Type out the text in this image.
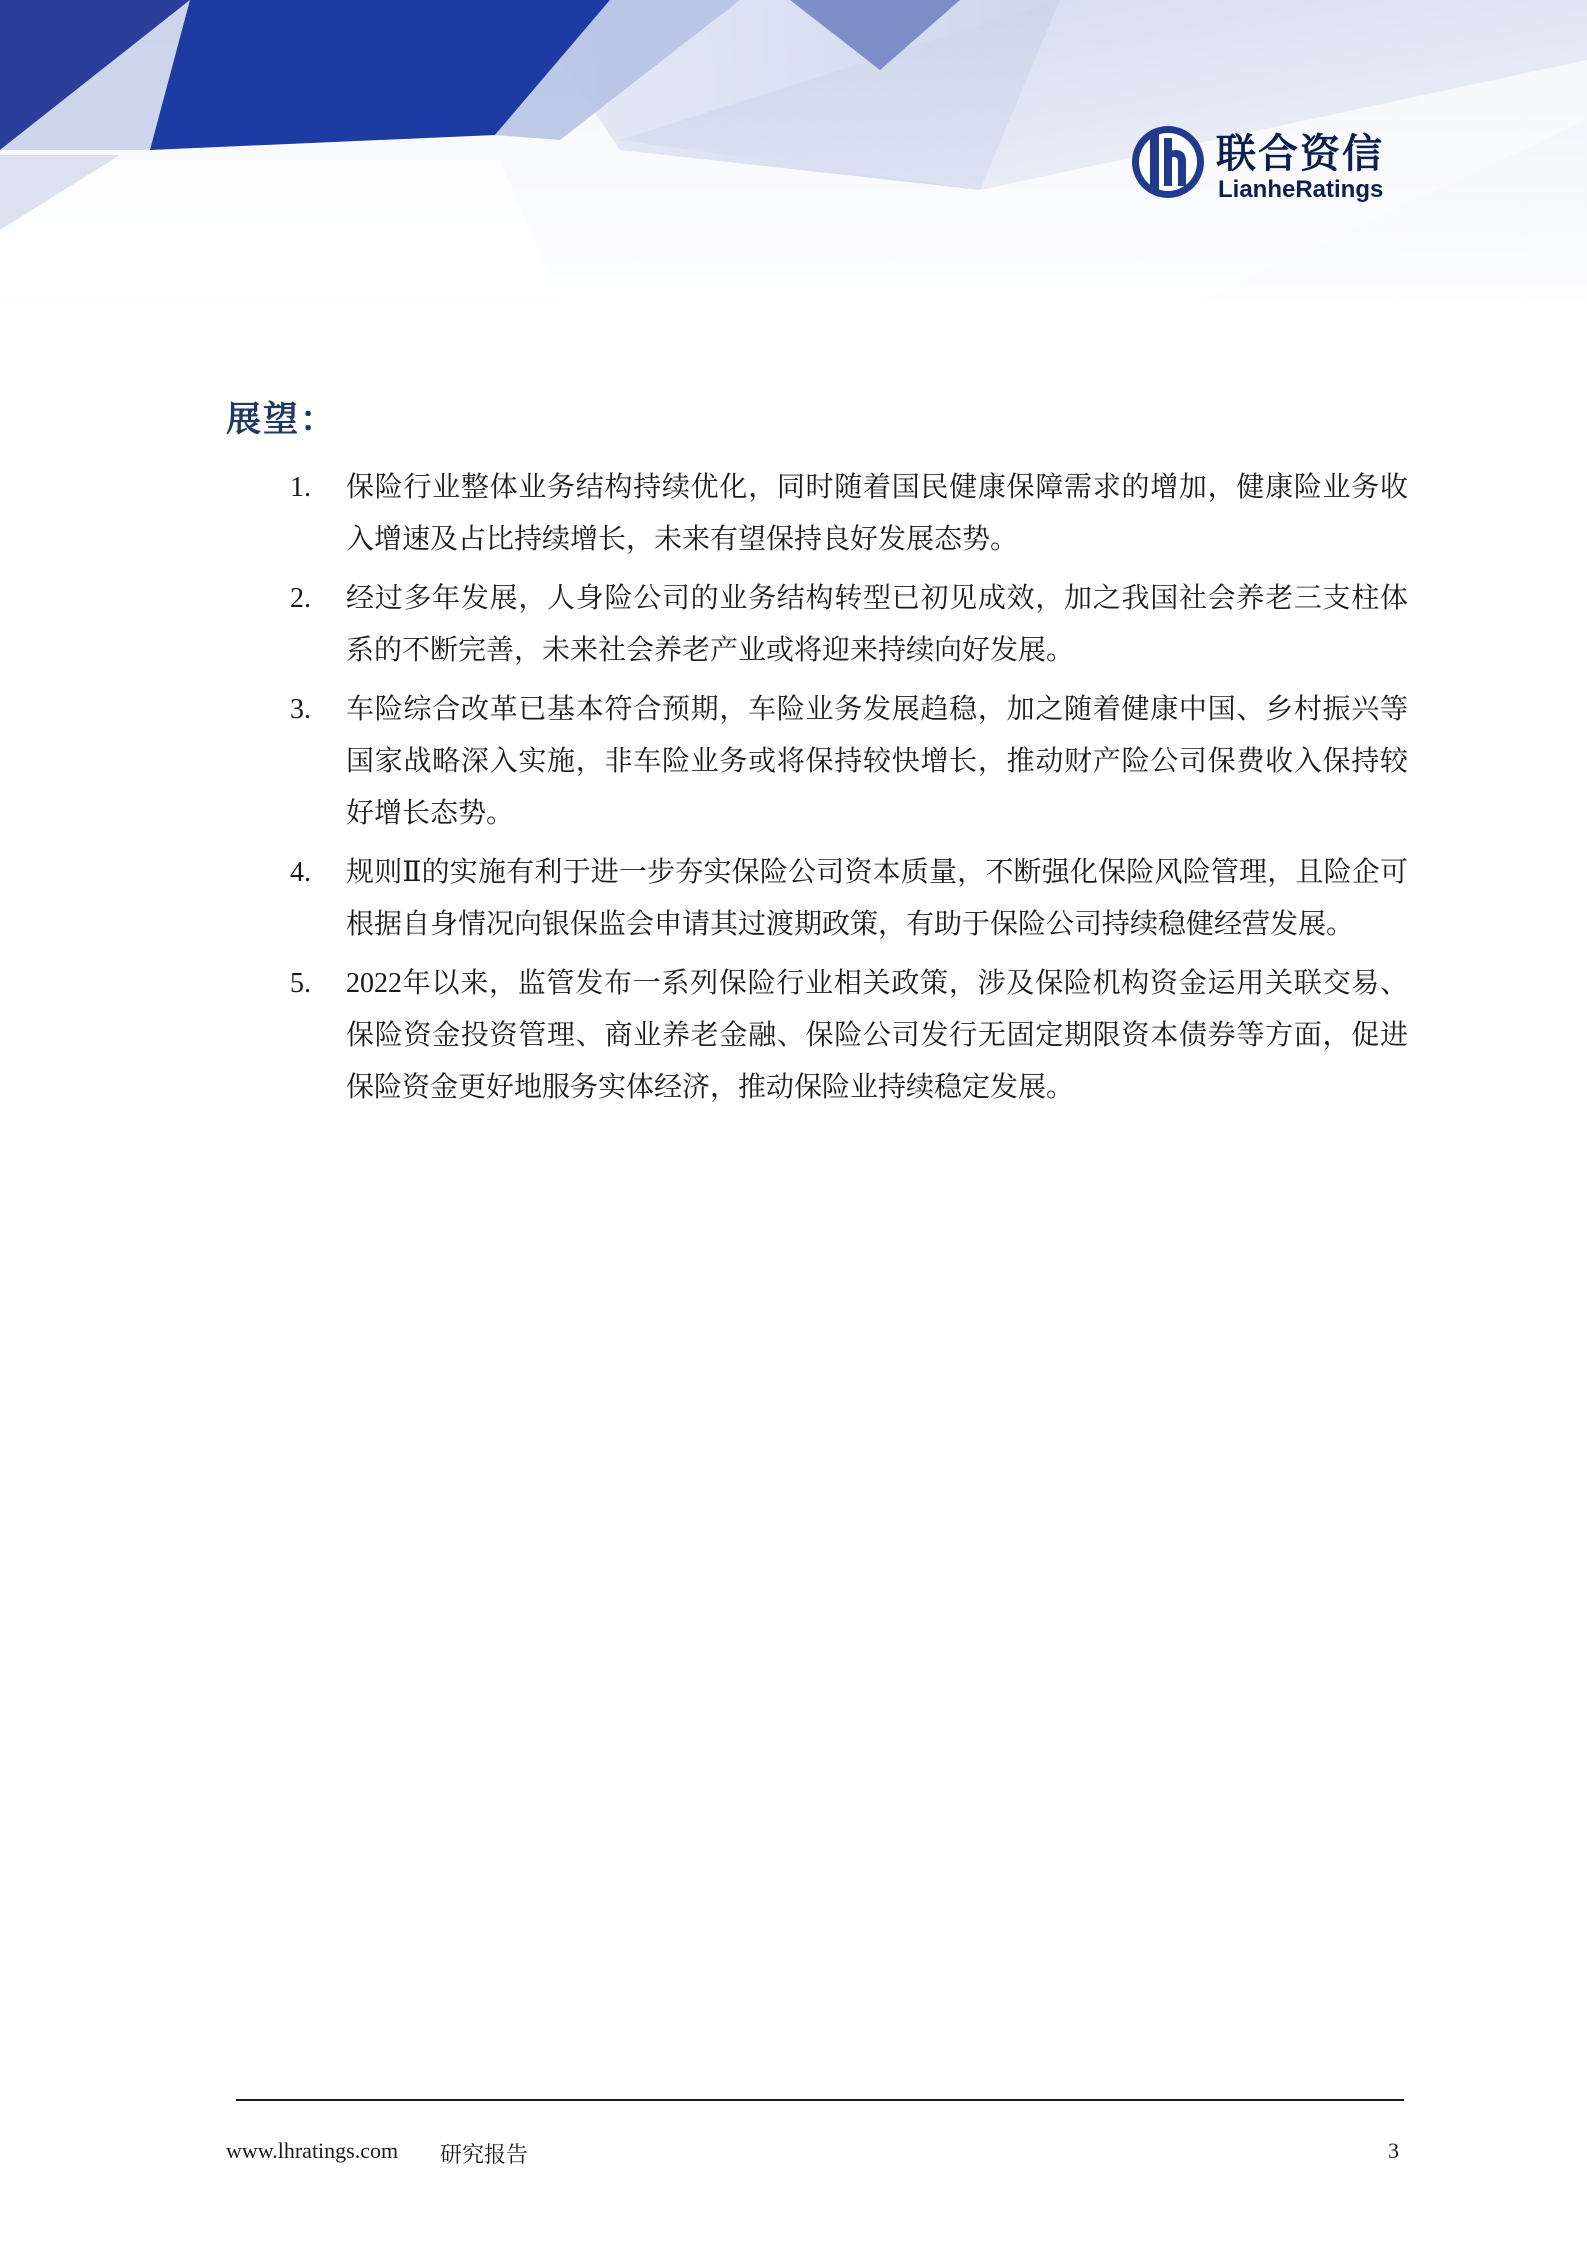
联合资信
LianheRatings
展望：
1. 保险行业整体业务结构持续优化，同时随着国民健康保障需求的增加，健康险业务收入增速及占比持续增长，未来有望保持良好发展态势。
2. 经过多年发展，人身险公司的业务结构转型已初见成效，加之我国社会养老三支柱体系的不断完善，未来社会养老产业或将迎来持续向好发展。
3. 车险综合改革已基本符合预期，车险业务发展趋稳，加之随着健康中国、乡村振兴等国家战略深入实施，非车险业务或将保持较快增长，推动财产险公司保费收入保持较好增长态势。
4. 规则Ⅱ的实施有利于进一步夯实保险公司资本质量，不断强化保险风险管理，且险企可根据自身情况向银保监会申请其过渡期政策，有助于保险公司持续稳健经营发展。
5. 2022年以来，监管发布一系列保险行业相关政策，涉及保险机构资金运用关联交易、保险资金投资管理、商业养老金融、保险公司发行无固定期限资本债券等方面，促进保险资金更好地服务实体经济，推动保险业持续稳定发展。
www.lhratings.com 研究报告	3
